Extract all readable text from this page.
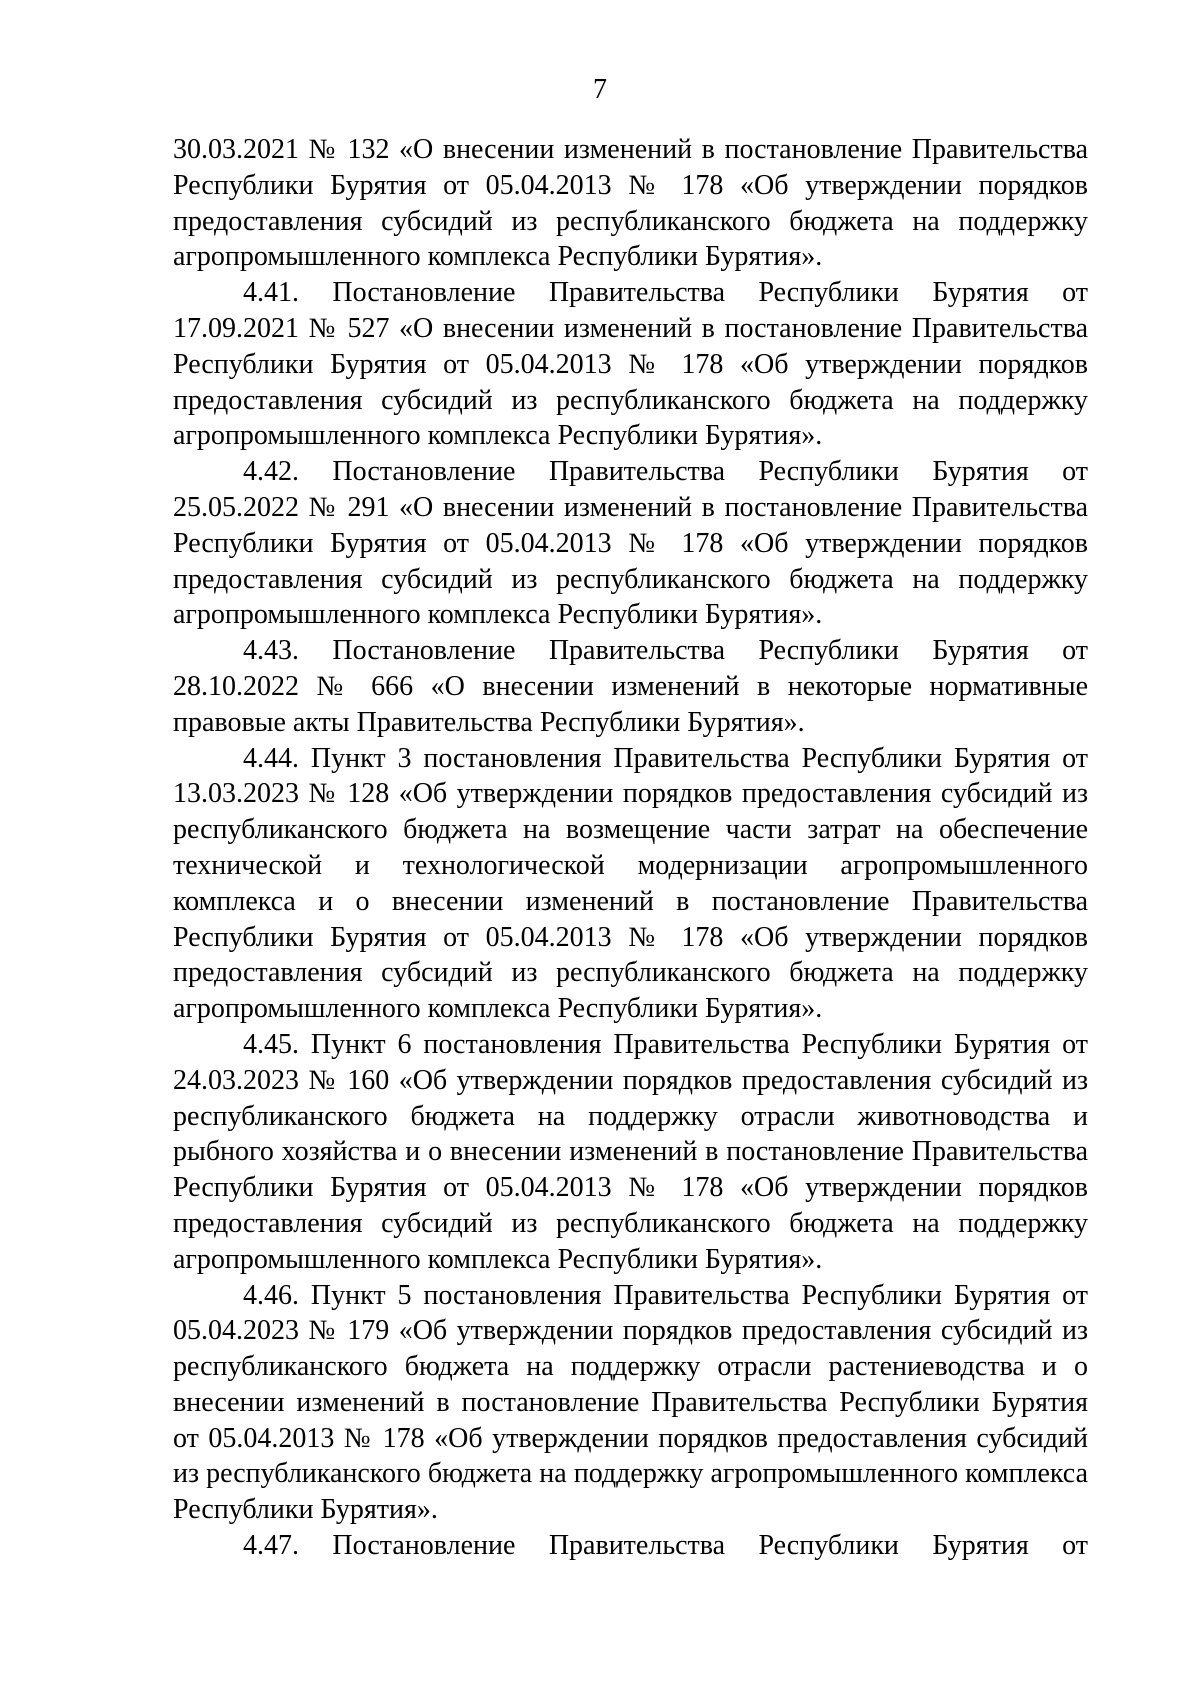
7

30.03.2021 № 132 «О внесении изменений в постановление Правительства Республики Бурятия от 05.04.2013 № 178 «Об утверждении порядков предоставления субсидий из республиканского бюджета на поддержку агропромышленного комплекса Республики Бурятия».

4.41. Постановление Правительства Республики Бурятия от 17.09.2021 № 527 «О внесении изменений в постановление Правительства Республики Бурятия от 05.04.2013 № 178 «Об утверждении порядков предоставления субсидий из республиканского бюджета на поддержку агропромышленного комплекса Республики Бурятия».

4.42. Постановление Правительства Республики Бурятия от 25.05.2022 № 291 «О внесении изменений в постановление Правительства Республики Бурятия от 05.04.2013 № 178 «Об утверждении порядков предоставления субсидий из республиканского бюджета на поддержку агропромышленного комплекса Республики Бурятия».

4.43. Постановление Правительства Республики Бурятия от 28.10.2022 № 666 «О внесении изменений в некоторые нормативные правовые акты Правительства Республики Бурятия».

4.44. Пункт 3 постановления Правительства Республики Бурятия от 13.03.2023 № 128 «Об утверждении порядков предоставления субсидий из республиканского бюджета на возмещение части затрат на обеспечение технической и технологической модернизации агропромышленного комплекса и о внесении изменений в постановление Правительства Республики Бурятия от 05.04.2013 № 178 «Об утверждении порядков предоставления субсидий из республиканского бюджета на поддержку агропромышленного комплекса Республики Бурятия».

4.45. Пункт 6 постановления Правительства Республики Бурятия от 24.03.2023 № 160 «Об утверждении порядков предоставления субсидий из республиканского бюджета на поддержку отрасли животноводства и рыбного хозяйства и о внесении изменений в постановление Правительства Республики Бурятия от 05.04.2013 № 178 «Об утверждении порядков предоставления субсидий из республиканского бюджета на поддержку агропромышленного комплекса Республики Бурятия».

4.46. Пункт 5 постановления Правительства Республики Бурятия от 05.04.2023 № 179 «Об утверждении порядков предоставления субсидий из республиканского бюджета на поддержку отрасли растениеводства и о внесении изменений в постановление Правительства Республики Бурятия от 05.04.2013 № 178 «Об утверждении порядков предоставления субсидий из республиканского бюджета на поддержку агропромышленного комплекса Республики Бурятия».

4.47. Постановление Правительства Республики Бурятия от
